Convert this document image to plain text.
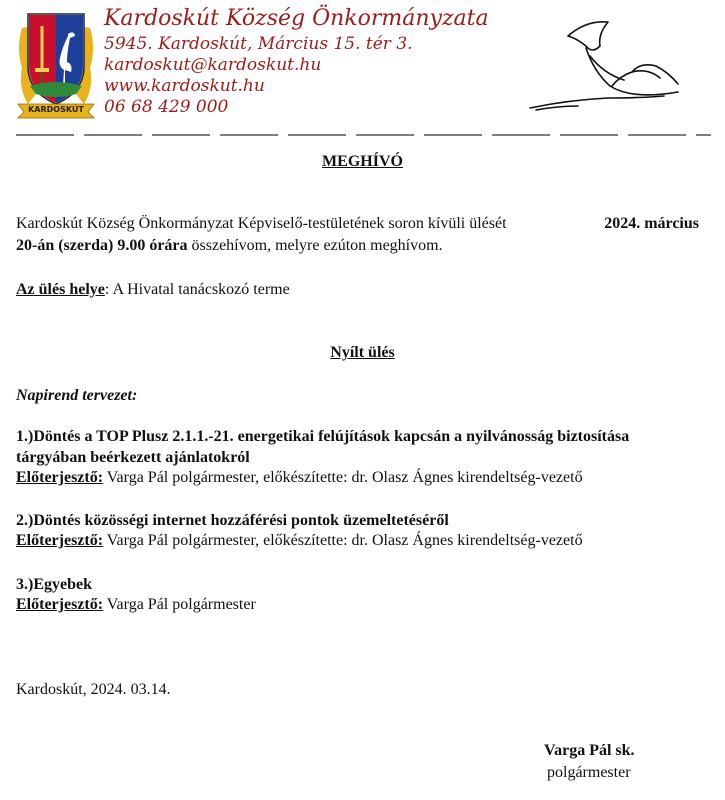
KARDOSKÚT
Kardoskút Község Önkormányzata
5945. Kardoskút, Március 15. tér 3.
kardoskut@kardoskut.hu
www.kardoskut.hu
06 68 429 000
MEGHÍVÓ
Kardoskút Község Önkormányzat Képviselő-testületének soron kívüli ülését	2024. március
20-án (szerda) 9.00 órára összehívom, melyre ezúton meghívom.
Az ülés helye: A Hivatal tanácskozó terme
Nyílt ülés
Napirend tervezet:
1.)Döntés a TOP Plusz 2.1.1.-21. energetikai felújítások kapcsán a nyilvánosság biztosítása
tárgyában beérkezett ajánlatokról
Előterjesztő: Varga Pál polgármester, előkészítette: dr. Olasz Ágnes kirendeltség-vezető
2.)Döntés közösségi internet hozzáférési pontok üzemeltetéséről
Előterjesztő: Varga Pál polgármester, előkészítette: dr. Olasz Ágnes kirendeltség-vezető
3.)Egyebek
Előterjesztő: Varga Pál polgármester
Kardoskút, 2024. 03.14.
Varga Pál sk.
polgármester
